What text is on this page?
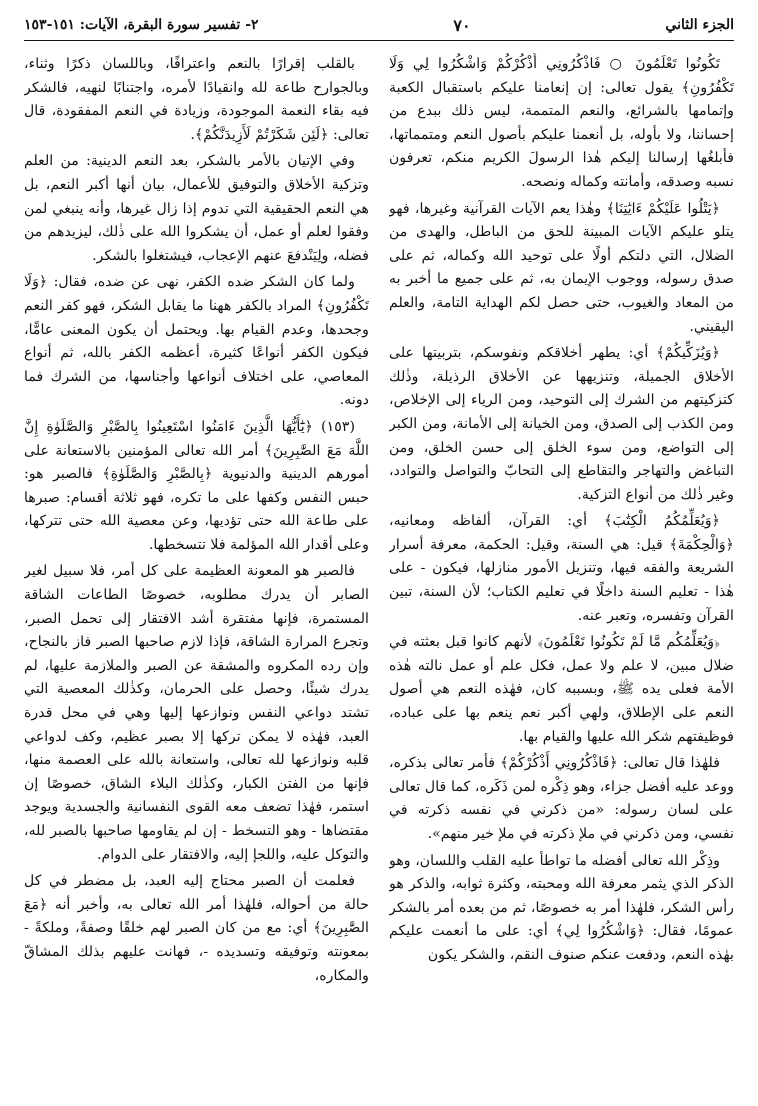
الجزء الثاني
٧٠
٢- تفسير سورة البقرة، الآيات: ١٥١-١٥٣

تَكُونُوا تَعْلَمُونَ ○ فَاذْكُرُونِي أَذْكُرْكُمْ وَاشْكُرُوا لِي وَلَا تَكْفُرُونِ﴾ يقول تعالى: إن إنعامنا عليكم باستقبال الكعبة وإتمامها بالشرائع، والنعم المتممة، ليس ذلك ببدع من إحساننا، ولا بأوله، بل أنعمنا عليكم بأصول النعم ومتمماتها، فأبلغُها إرسالنا إليكم هٰذا الرسولَ الكريم منكم، تعرفون نسبه وصدقه، وأمانته وكماله ونصحه.

﴿يَتْلُوا عَلَيْكُمْ ءَايَٰتِنَا﴾ وهٰذا يعم الآيات القرآنية وغيرها، فهو يتلو عليكم الآيات المبينة للحق من الباطل، والهدى من الضلال، التي دلتكم أولًا على توحيد الله وكماله، ثم على صدق رسوله، ووجوب الإيمان به، ثم على جميع ما أخبر به من المعاد والغيوب، حتى حصل لكم الهداية التامة، والعلم اليقيني.

﴿وَيُزَكِّيكُمْ﴾ أي: يطهر أخلاقكم ونفوسكم، بتربيتها على الأخلاق الجميلة، وتنزيهها عن الأخلاق الرذيلة، وذٰلك كتزكيتهم من الشرك إلى التوحيد، ومن الرياء إلى الإخلاص، ومن الكذب إلى الصدق، ومن الخيانة إلى الأمانة، ومن الكبر إلى التواضع، ومن سوء الخلق إلى حسن الخلق، ومن التباغض والتهاجر والتقاطع إلى التحابّ والتواصل والتوادد، وغير ذٰلك من أنواع التزكية.

﴿وَيُعَلِّمُكُمُ الْكِتَٰبَ﴾ أي: القرآن، ألفاظه ومعانيه، ﴿وَالْحِكْمَةَ﴾ قيل: هي السنة، وقيل: الحكمة، معرفة أسرار الشريعة والفقه فيها، وتنزيل الأمور منازلها، فيكون - على هٰذا - تعليم السنة داخلًا في تعليم الكتاب؛ لأن السنة، تبين القرآن وتفسره، وتعبر عنه.

﴿وَيُعَلِّمُكُم مَّا لَمْ تَكُونُوا تَعْلَمُونَ﴾ لأنهم كانوا قبل بعثته في ضلال مبين، لا علم ولا عمل، فكل علم أو عمل نالته هٰذه الأمة فعلى يده ﷺ، وبسببه كان، فهٰذه النعم هي أصول النعم على الإطلاق، ولهي أكبر نعم ينعم بها على عباده، فوظيفتهم شكر الله عليها والقيام بها.

فلهٰذا قال تعالى: ﴿فَاذْكُرُونِي أَذْكُرْكُمْ﴾ فأمر تعالى بذكره، ووعد عليه أفضل جزاء، وهو ذِكْره لمن ذَكَره، كما قال تعالى على لسان رسوله: «من ذكرني في نفسه ذكرته في نفسي، ومن ذكرني في ملإ ذكرته في ملإ خير منهم».

وذِكْر الله تعالى أفضله ما تواطأ عليه القلب واللسان، وهو الذكر الذي يثمر معرفة الله ومحبته، وكثرة ثوابه، والذكر هو رأس الشكر، فلهٰذا أمر به خصوصًا، ثم من بعده أمر بالشكر عمومًا، فقال: ﴿وَاشْكُرُوا لِي﴾ أي: على ما أنعمت عليكم بهٰذه النعم، ودفعت عنكم صنوف النقم، والشكر يكون

بالقلب إقرارًا بالنعم واعترافًا، وباللسان ذكرًا وثناء، وبالجوارح طاعة لله وانقيادًا لأمره، واجتنابًا لنهيه، فالشكر فيه بقاء النعمة الموجودة، وزيادة في النعم المفقودة، قال تعالى: ﴿لَئِن شَكَرْتُمْ لَأَزِيدَنَّكُمْ﴾.

وفي الإتيان بالأمر بالشكر، بعد النعم الدينية: من العلم وتزكية الأخلاق والتوفيق للأعمال، بيان أنها أكبر النعم، بل هي النعم الحقيقية التي تدوم إذا زال غيرها، وأنه ينبغي لمن وفقوا لعلم أو عمل، أن يشكروا الله على ذٰلك، ليزيدهم من فضله، ولِيَنْدفعَ عنهم الإعجاب، فيشتغلوا بالشكر.

ولما كان الشكر ضده الكفر، نهى عن ضده، فقال: ﴿وَلَا تَكْفُرُونِ﴾ المراد بالكفر ههنا ما يقابل الشكر، فهو كفر النعم وجحدها، وعدم القيام بها. ويحتمل أن يكون المعنى عامًّا، فيكون الكفر أنواعًا كثيرة، أعظمه الكفر بالله، ثم أنواع المعاصي، على اختلاف أنواعها وأجناسها، من الشرك فما دونه.

(١٥٣) ﴿يَٰٓأَيُّهَا الَّذِينَ ءَامَنُوا اسْتَعِينُوا بِالصَّبْرِ وَالصَّلَوٰةِ إِنَّ اللَّهَ مَعَ الصَّٰبِرِينَ﴾ أمر الله تعالى المؤمنين بالاستعانة على أمورهم الدينية والدنيوية ﴿بِالصَّبْرِ وَالصَّلَوٰةِ﴾ فالصبر هو: حبس النفس وكفها على ما تكره، فهو ثلاثة أقسام: صبرها على طاعة الله حتى تؤديها، وعن معصية الله حتى تتركها، وعلى أقدار الله المؤلمة فلا تتسخطها.

فالصبر هو المعونة العظيمة على كل أمر، فلا سبيل لغير الصابر أن يدرك مطلوبه، خصوصًا الطاعات الشاقة المستمرة، فإنها مفتقرة أشد الافتقار إلى تحمل الصبر، وتجرع المرارة الشاقة، فإذا لازم صاحبها الصبر فاز بالنجاح، وإن رده المكروه والمشقة عن الصبر والملازمة عليها، لم يدرك شيئًا، وحصل على الحرمان، وكذٰلك المعصية التي تشتد دواعي النفس ونوازعها إليها وهي في محل قدرة العبد، فهٰذه لا يمكن تركها إلا بصبر عظيم، وكف لدواعي قلبه ونوازعها لله تعالى، واستعانة بالله على العصمة منها، فإنها من الفتن الكبار، وكذٰلك البلاء الشاق، خصوصًا إن استمر، فهٰذا تضعف معه القوى النفسانية والجسدية ويوجد مقتضاها - وهو التسخط - إن لم يقاومها صاحبها بالصبر لله، والتوكل عليه، واللجإ إليه، والافتقار على الدوام.

فعلمت أن الصبر محتاج إليه العبد، بل مضطر في كل حالة من أحواله، فلهٰذا أمر الله تعالى به، وأخبر أنه ﴿مَعَ الصَّٰبِرِينَ﴾ أي: مع من كان الصبر لهم خلقًا وصفةً، وملكةً - بمعونته وتوفيقه وتسديده -، فهانت عليهم بذلك المشاقّ والمكاره،
